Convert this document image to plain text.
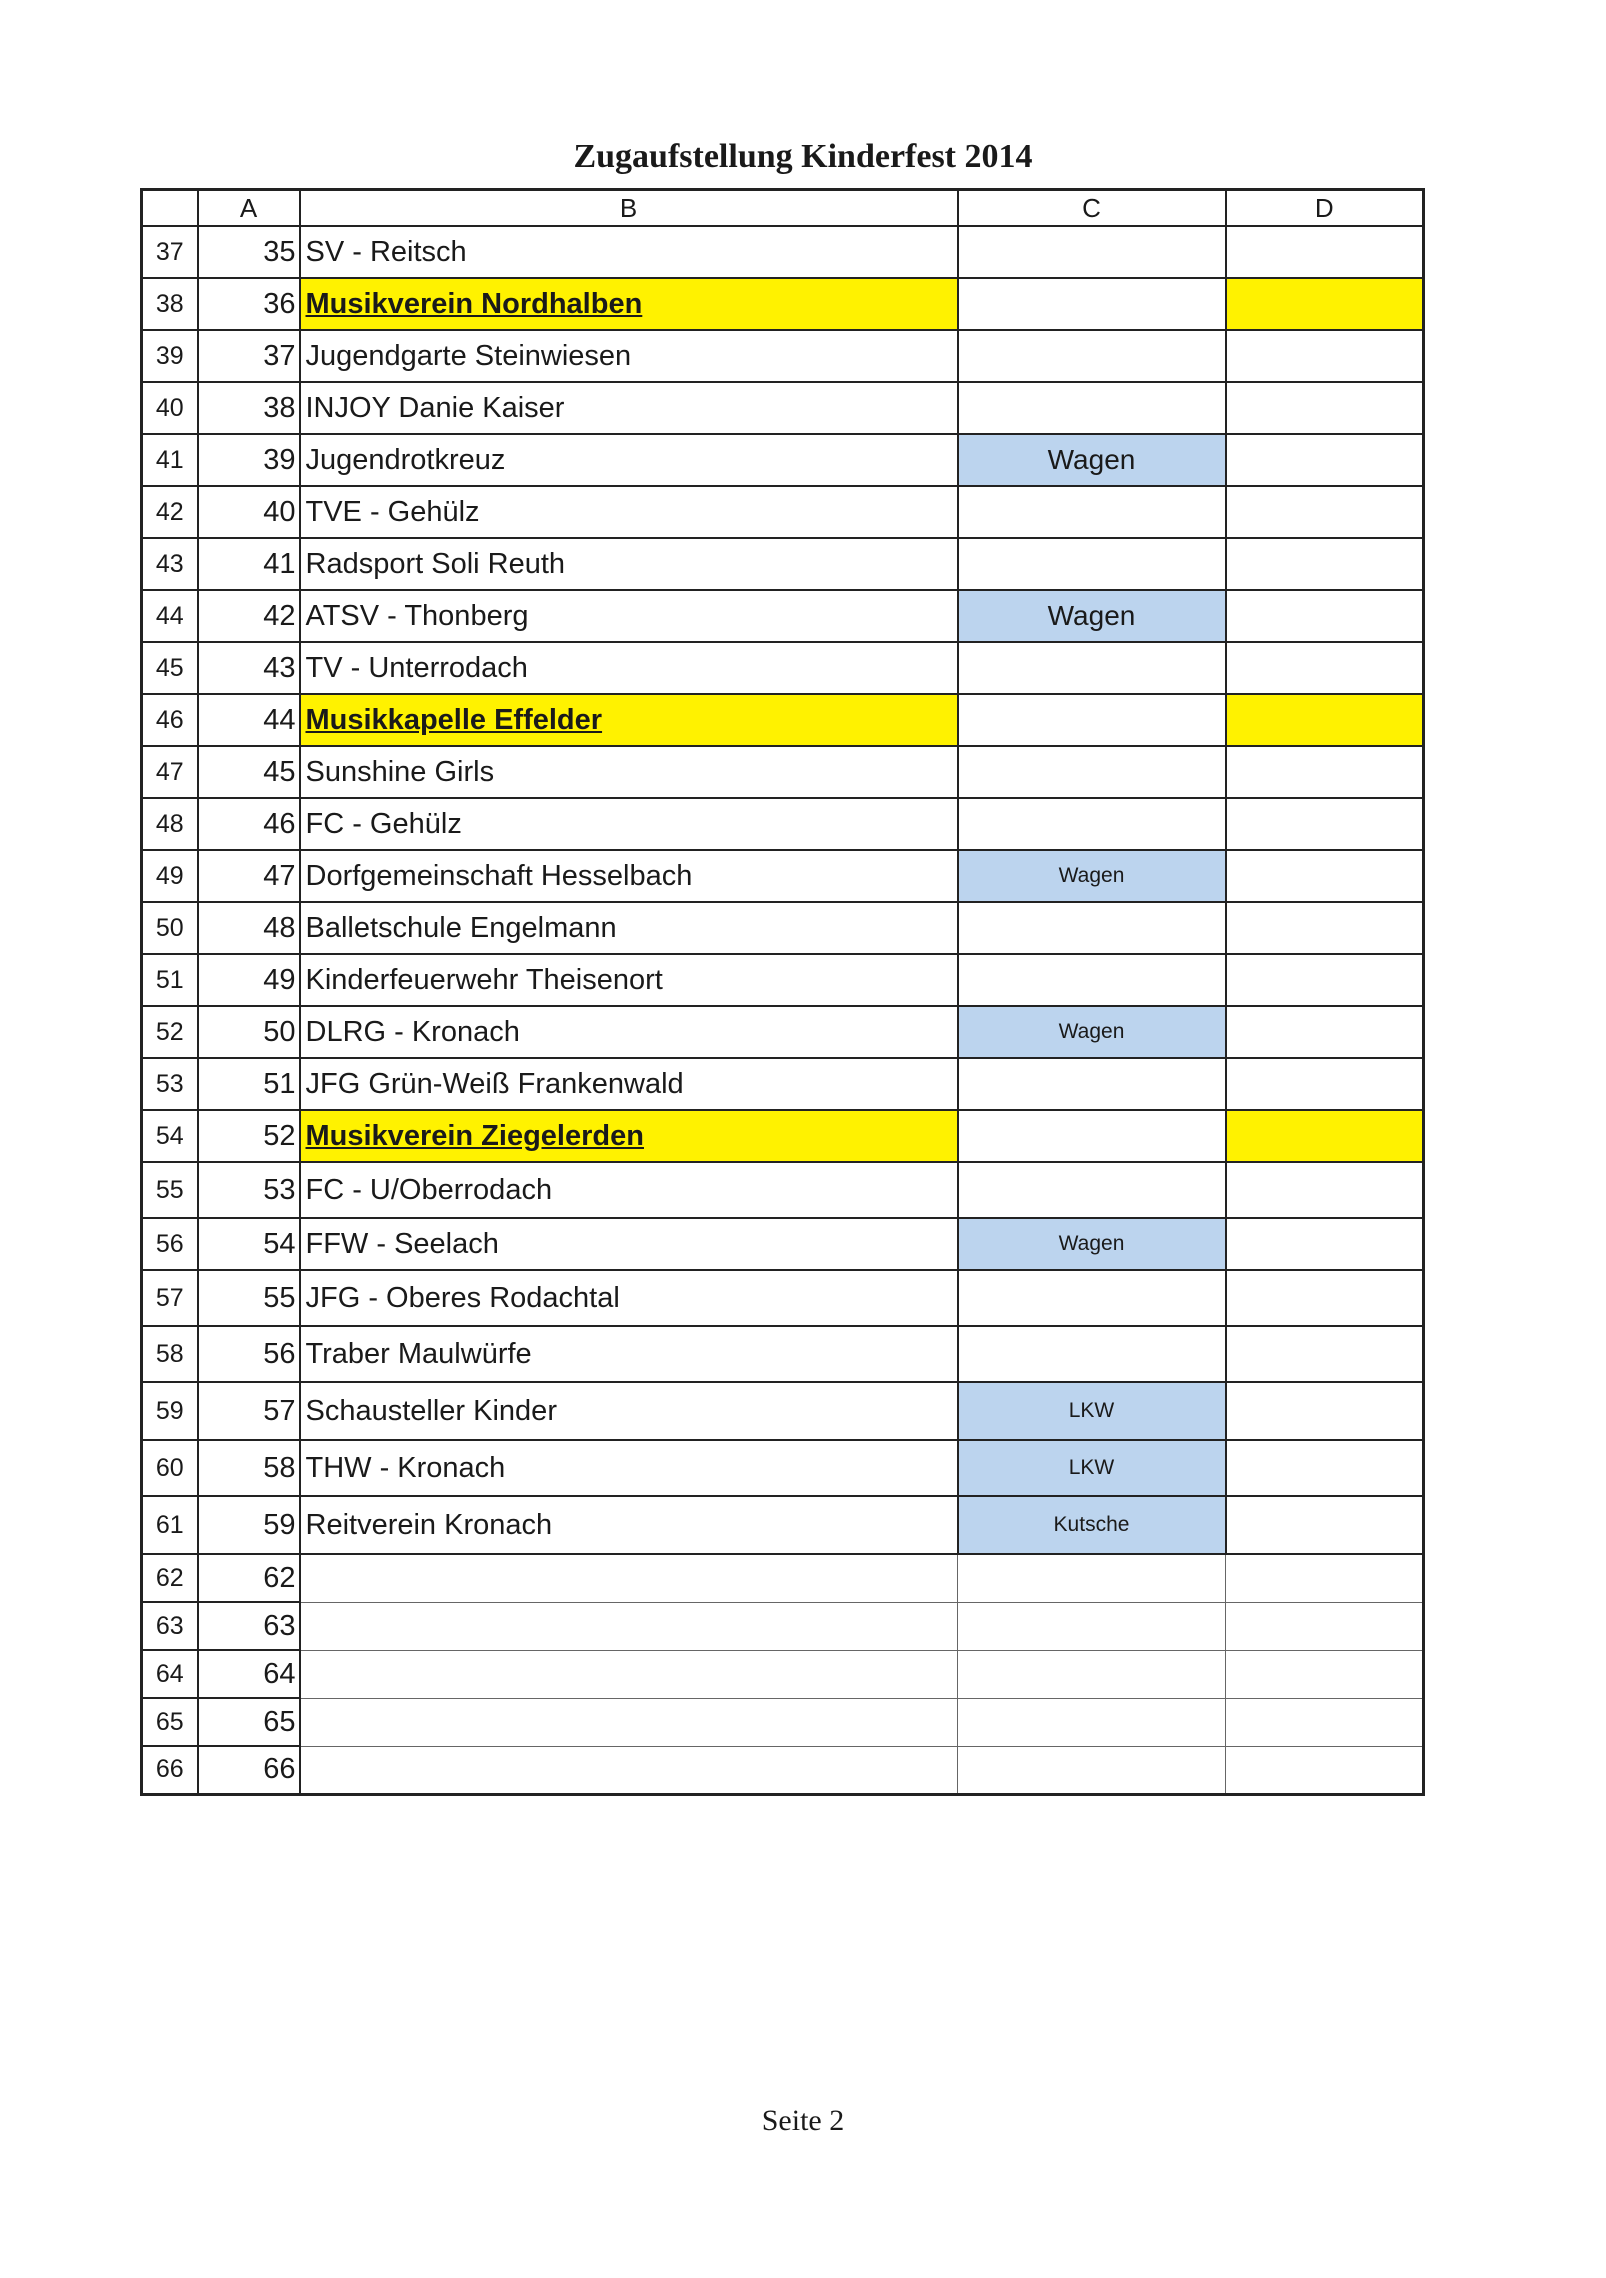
Zugaufstellung Kinderfest 2014
	A	B	C	D
37	35	SV - Reitsch		
38	36	Musikverein Nordhalben		
39	37	Jugendgarte Steinwiesen		
40	38	INJOY Danie Kaiser		
41	39	Jugendrotkreuz	Wagen	
42	40	TVE - Gehülz		
43	41	Radsport Soli Reuth		
44	42	ATSV - Thonberg	Wagen	
45	43	TV - Unterrodach		
46	44	Musikkapelle Effelder		
47	45	Sunshine Girls		
48	46	FC - Gehülz		
49	47	Dorfgemeinschaft Hesselbach	Wagen	
50	48	Balletschule Engelmann		
51	49	Kinderfeuerwehr Theisenort		
52	50	DLRG - Kronach	Wagen	
53	51	JFG Grün-Weiß Frankenwald		
54	52	Musikverein Ziegelerden		
55	53	FC - U/Oberrodach		
56	54	FFW - Seelach	Wagen	
57	55	JFG - Oberes Rodachtal		
58	56	Traber Maulwürfe		
59	57	Schausteller Kinder	LKW	
60	58	THW - Kronach	LKW	
61	59	Reitverein Kronach	Kutsche	
62	62			
63	63			
64	64			
65	65			
66	66			
Seite 2
